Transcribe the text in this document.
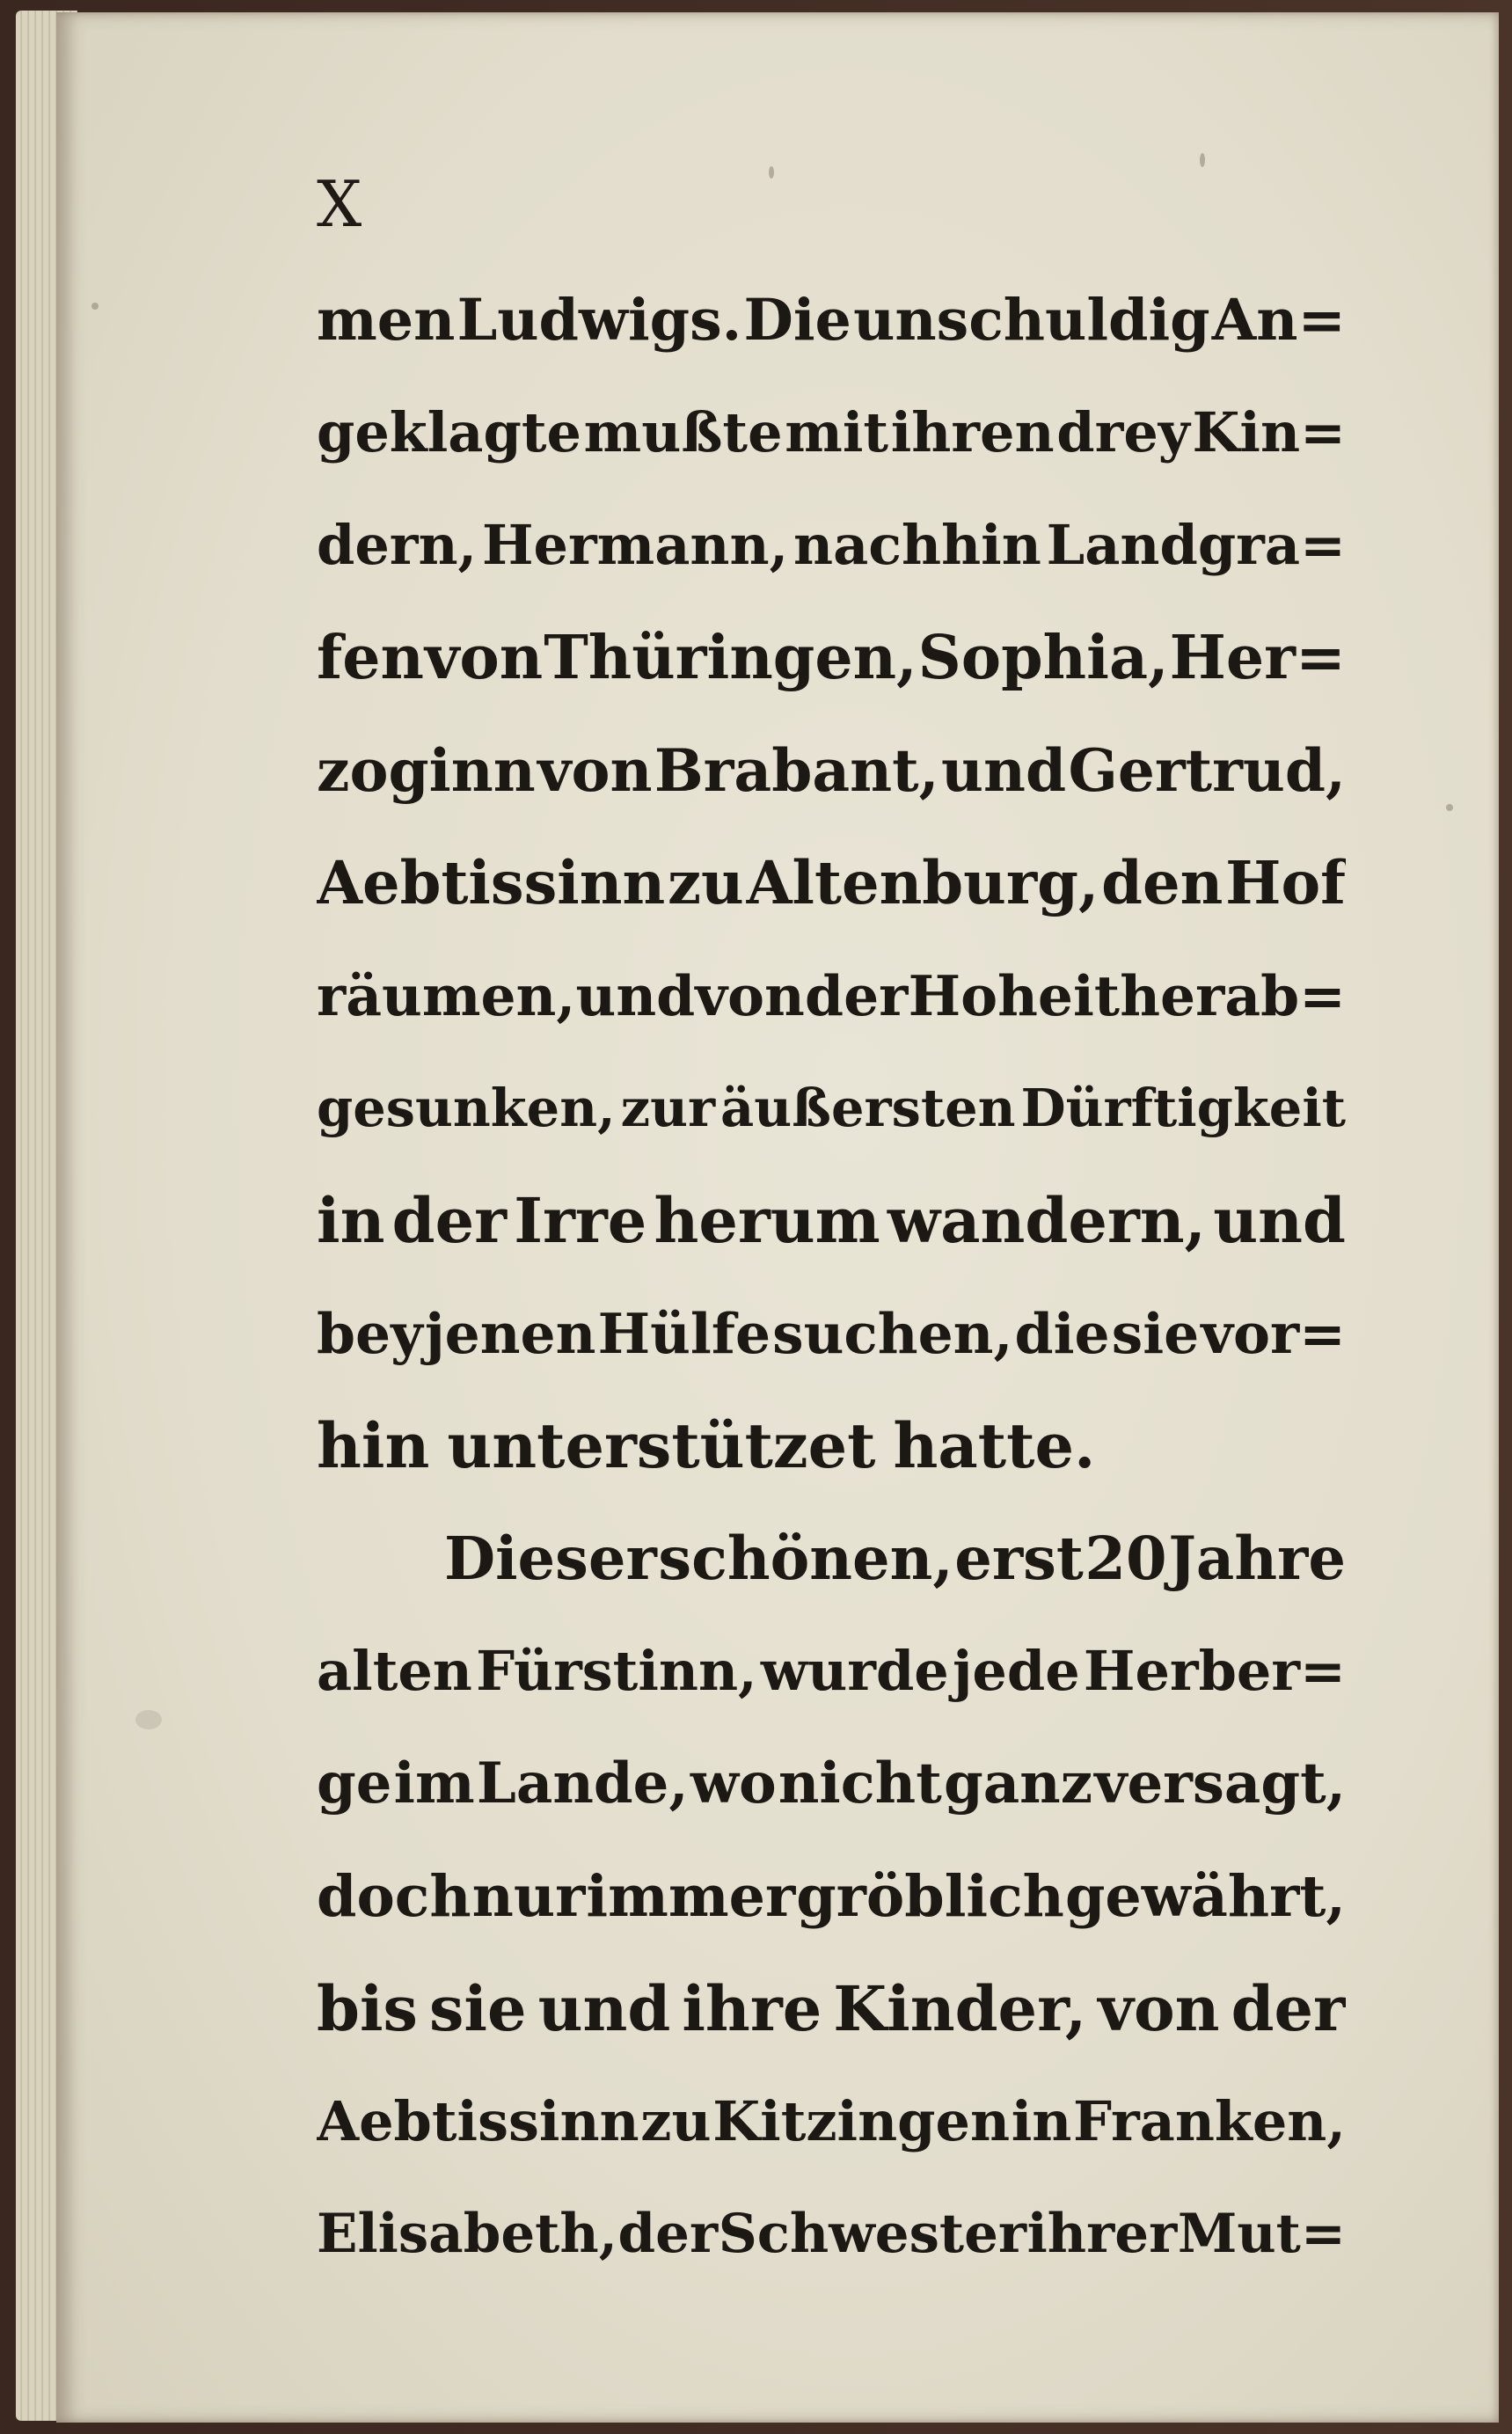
X
men Ludwigs. Die unschuldig An=
geklagte mußte mit ihren drey Kin=
dern, Hermann, nachhin Landgra=
fen von Thüringen, Sophia, Her=
zoginn von Brabant, und Gertrud,
Aebtissinn zu Altenburg, den Hof
räumen, und von der Hoheit herab=
gesunken, zur äußersten Dürftigkeit
in der Irre herum wandern, und
bey jenen Hülfe suchen, die sie vor=
hin unterstützet hatte.
Dieser schönen, erst 20 Jahre
alten Fürstinn, wurde jede Herber=
ge im Lande, wo nicht ganz versagt,
doch nur immer gröblich gewährt,
bis sie und ihre Kinder, von der
Aebtissinn zu Kitzingen in Franken,
Elisabeth, der Schwester ihrer Mut=
